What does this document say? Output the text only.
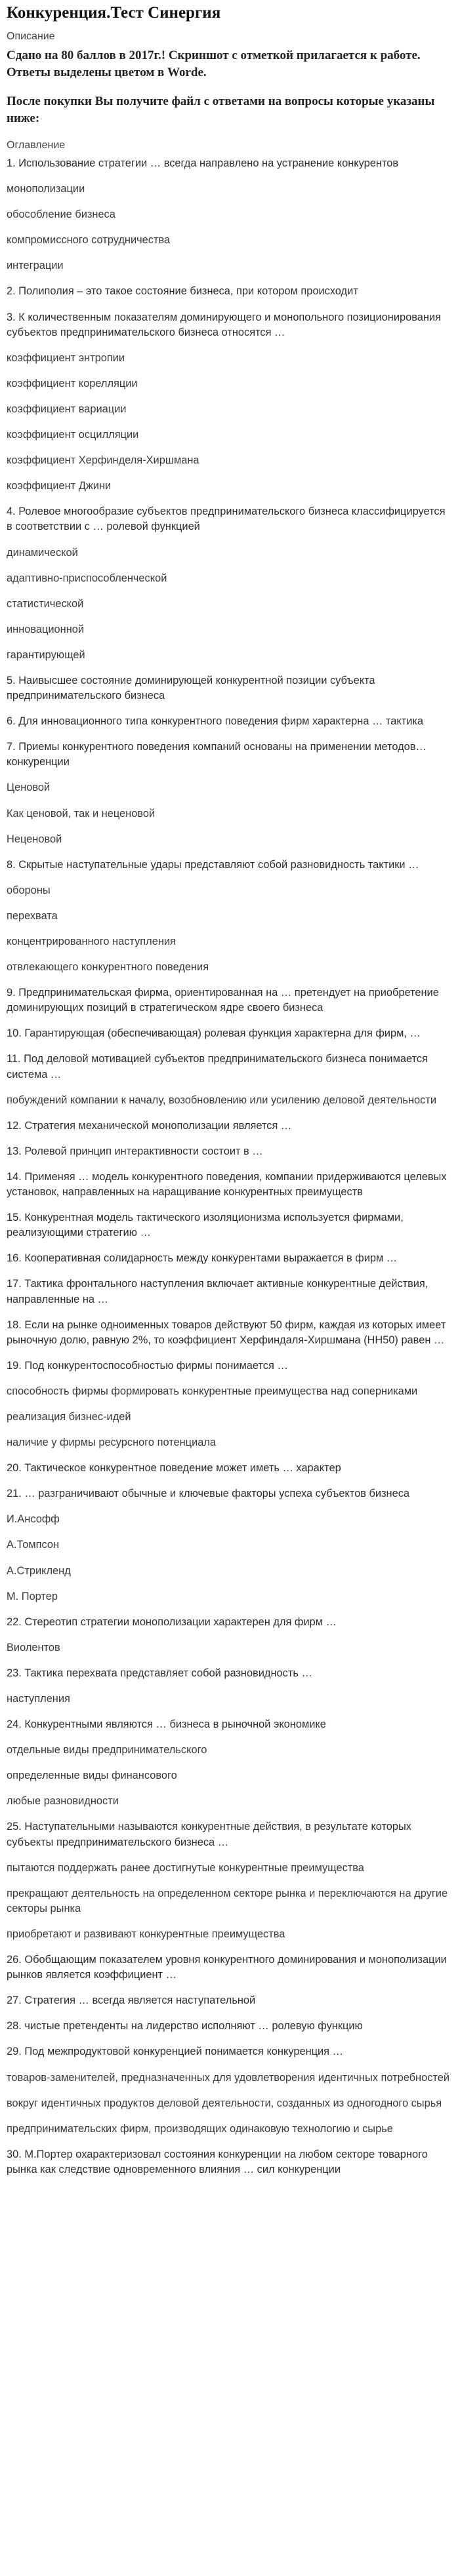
Конкуренция.Тест Синергия
Описание
Сдано на 80 баллов в 2017г.! Скриншот с отметкой прилагается к работе. Ответы выделены цветом в Worde.
После покупки Вы получите файл с ответами на вопросы которые указаны ниже:
Оглавление
1. Использование стратегии … всегда направлено на устранение конкурентов
монополизации
обособление бизнеса
компромиссного сотрудничества
интеграции
2. Полиполия – это такое состояние бизнеса, при котором происходит
3. К количественным показателям доминирующего и монопольного позиционирования субъектов предпринимательского бизнеса относятся …
коэффициент энтропии
коэффициент корелляции
коэффициент вариации
коэффициент осцилляции
коэффициент Херфинделя-Хиршмана
коэффициент Джини
4. Ролевое многообразие субъектов предпринимательского бизнеса классифицируется в соответствии с … ролевой функцией
динамической
адаптивно-приспособленческой
статистической
инновационной
гарантирующей
5. Наивысшее состояние доминирующей конкурентной позиции субъекта предпринимательского бизнеса
6. Для инновационного типа конкурентного поведения фирм характерна … тактика
7. Приемы конкурентного поведения компаний основаны на применении методов…конкуренции
Ценовой
Как ценовой, так и неценовой
Неценовой
8. Скрытые наступательные удары представляют собой разновидность тактики …
обороны
перехвата
концентрированного наступления
отвлекающего конкурентного поведения
9. Предпринимательская фирма, ориентированная на … претендует на приобретение доминирующих позиций в стратегическом ядре своего бизнеса
10. Гарантирующая (обеспечивающая) ролевая функция характерна для фирм, …
11. Под деловой мотивацией субъектов предпринимательского бизнеса понимается система …
побуждений компании к началу, возобновлению или усилению деловой деятельности
12. Стратегия механической монополизации является …
13. Ролевой принцип интерактивности состоит в …
14. Применяя … модель конкурентного поведения, компании придерживаются целевых установок, направленных на наращивание конкурентных преимуществ
15. Конкурентная модель тактического изоляционизма используется фирмами, реализующими стратегию …
16. Кооперативная солидарность между конкурентами выражается в фирм …
17. Тактика фронтального наступления включает активные конкурентные действия, направленные на …
18. Если на рынке одноименных товаров действуют 50 фирм, каждая из которых имеет рыночную долю, равную 2%, то коэффициент Херфиндаля-Хиршмана (HH50) равен …
19. Под конкурентоспособностью фирмы понимается …
способность фирмы формировать конкурентные преимущества над соперниками
реализация бизнес-идей
наличие у фирмы ресурсного потенциала
20. Тактическое конкурентное поведение может иметь … характер
21. … разграничивают обычные и ключевые факторы успеха субъектов бизнеса
И.Ансофф
А.Томпсон
А.Стрикленд
М. Портер
22. Стереотип стратегии монополизации характерен для фирм …
Виолентов
23. Тактика перехвата представляет собой разновидность …
наступления
24. Конкурентными являются … бизнеса в рыночной экономике
отдельные виды предпринимательского
определенные виды финансового
любые разновидности
25. Наступательными называются конкурентные действия, в результате которых субъекты предпринимательского бизнеса …
пытаются поддержать ранее достигнутые конкурентные преимущества
прекращают деятельность на определенном секторе рынка и переключаются на другие секторы рынка
приобретают и развивают конкурентные преимущества
26. Обобщающим показателем уровня конкурентного доминирования и монополизации рынков является коэффициент …
27. Стратегия … всегда является наступательной
28. чистые претенденты на лидерство исполняют … ролевую функцию
29. Под межпродуктовой конкуренцией понимается конкуренция …
товаров-заменителей, предназначенных для удовлетворения идентичных потребностей
вокруг идентичных продуктов деловой деятельности, созданных из одногодного сырья
предпринимательских фирм, производящих одинаковую технологию и сырье
30. М.Портер охарактеризовал состояния конкуренции на любом секторе товарного рынка как следствие одновременного влияния … сил конкуренции
